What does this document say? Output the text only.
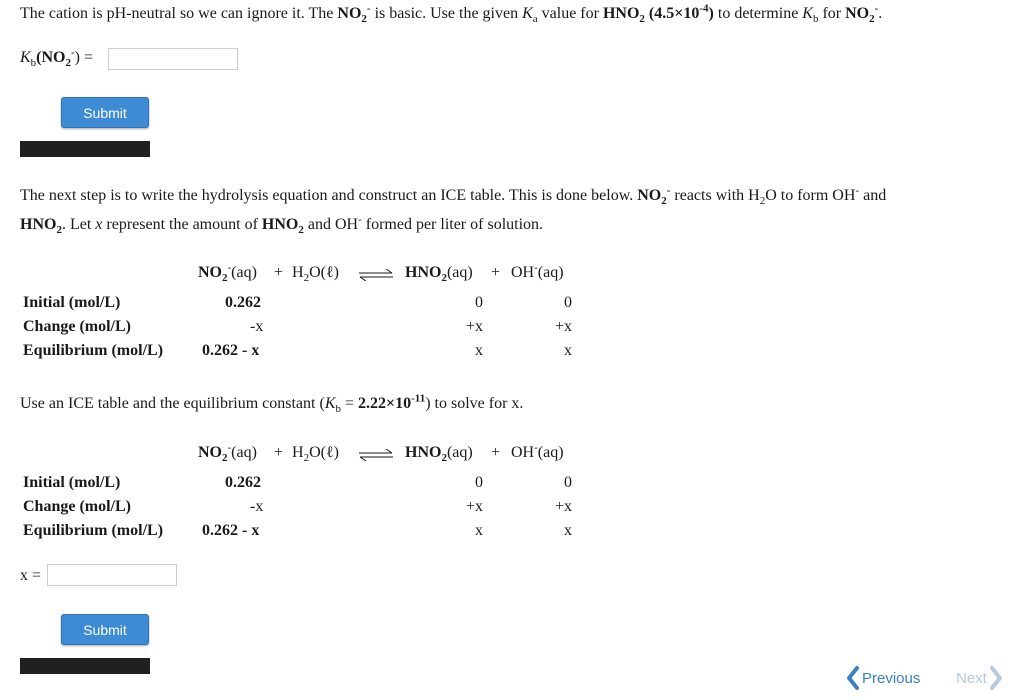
The cation is pH-neutral so we can ignore it. The $NO_2^-$ is basic. Use the given $K_a$ value for $HNO_2$ $(4.5\times 10^{-4})$ to determine $K_b$ for $NO_2^-$.
$K_b(NO_2^-)$ =
Submit
The next step is to write the hydrolysis equation and construct an ICE table. This is done below. $NO_2^-$ reacts with $H_2O$ to form OH- and
$HNO_2$. Let x represent the amount of $HNO_2$ and OH- formed per liter of solution.
$NO_2^-(aq)$ + $H_2O(\ell)$ ⇌ $HNO_2(aq) + OH^-(aq)$
Initial (mol/L)	0.262	0	0
Change (mol/L)	-x	+x	+x
Equilibrium (mol/L) 0.262 - x	x	x
Use an ICE table and the equilibrium constant $(K_b = 2.22\times 10^{-11})$ to solve for x.
$NO_2^-(aq)$ + $H_2O(\ell)$ ⇌ $HNO_2(aq) + OH^-(aq)$
Initial (mol/L)	0.262	0	0
Change (mol/L)	-x	+x	+x
Equilibrium (mol/L) 0.262 - x	x	x
x =
Submit
Previous Next
